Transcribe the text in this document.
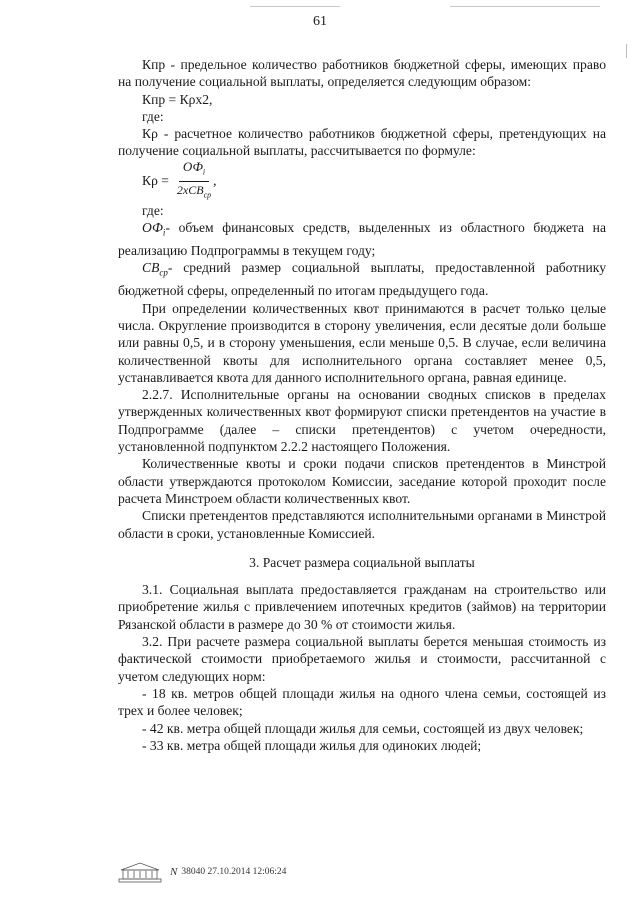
61

Кпр - предельное количество работников бюджетной сферы, имеющих право на получение социальной выплаты, определяется следующим образом:

Кпр = Кρх2,

где:

Кρ - расчетное количество работников бюджетной сферы, претендующих на получение социальной выплаты, рассчитывается по формуле:

$К\rho = \frac{ОФ_i}{2хСВ_{ср}}$ ,

где:

$ОФ_i-$ объем финансовых средств, выделенных из областного бюджета на реализацию Подпрограммы в текущем году;

$СВ_{ср}-$ средний размер социальной выплаты, предоставленной работнику бюджетной сферы, определенный по итогам предыдущего года.

При определении количественных квот принимаются в расчет только целые числа. Округление производится в сторону увеличения, если десятые доли больше или равны 0,5, и в сторону уменьшения, если меньше 0,5. В случае, если величина количественной квоты для исполнительного органа составляет менее 0,5, устанавливается квота для данного исполнительного органа, равная единице.

2.2.7. Исполнительные органы на основании сводных списков в пределах утвержденных количественных квот формируют списки претендентов на участие в Подпрограмме (далее – списки претендентов) с учетом очередности, установленной подпунктом 2.2.2 настоящего Положения.

Количественные квоты и сроки подачи списков претендентов в Минстрой области утверждаются протоколом Комиссии, заседание которой проходит после расчета Минстроем области количественных квот.

Списки претендентов представляются исполнительными органами в Минстрой области в сроки, установленные Комиссией.

3. Расчет размера социальной выплаты

3.1. Социальная выплата предоставляется гражданам на строительство или приобретение жилья с привлечением ипотечных кредитов (займов) на территории Рязанской области в размере до 30 % от стоимости жилья.

3.2. При расчете размера социальной выплаты берется меньшая стоимость из фактической стоимости приобретаемого жилья и стоимости, рассчитанной с учетом следующих норм:

- 18 кв. метров общей площади жилья на одного члена семьи, состоящей из трех и более человек;

- 42 кв. метра общей площади жилья для семьи, состоящей из двух человек;

- 33 кв. метра общей площади жилья для одиноких людей;

N 38040 27.10.2014 12:06:24
